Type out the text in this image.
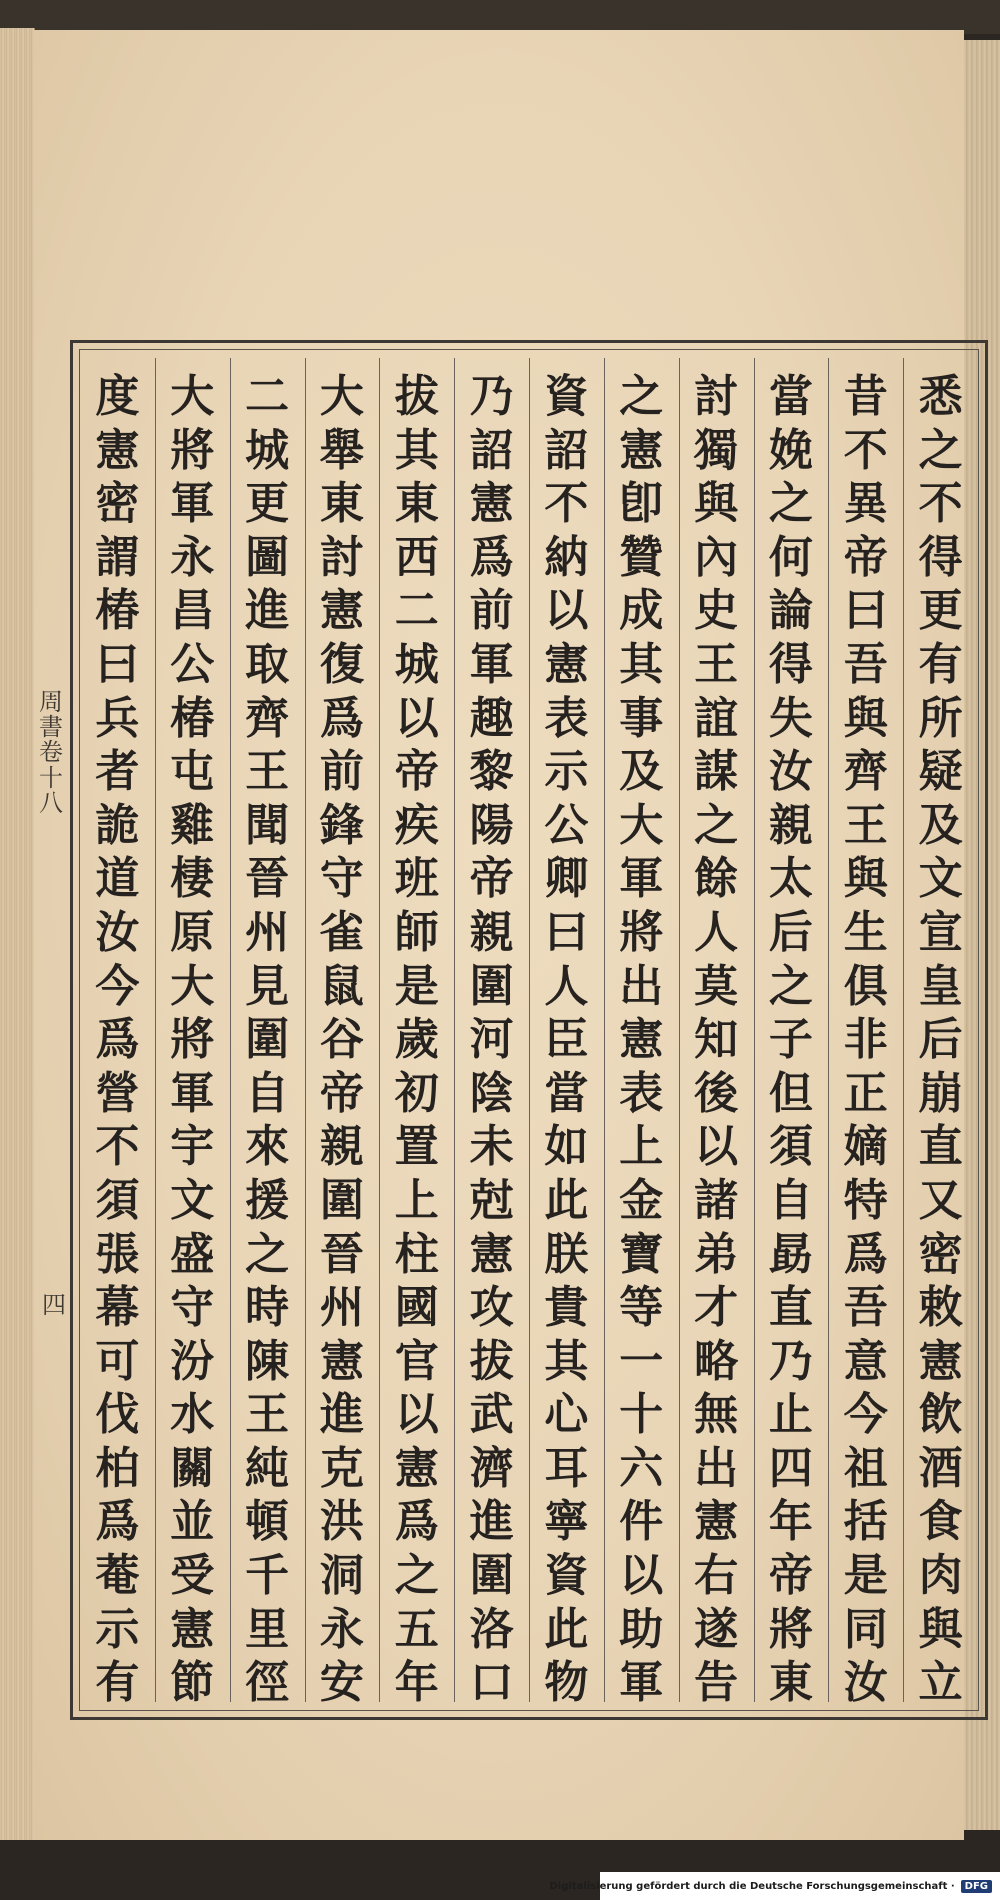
周
書
卷
十
八
四
悉
之
不
得
更
有
所
疑
及
文
宣
皇
后
崩
直
又
密
敕
憲
飲
酒
食
肉
與
立
昔
不
異
帝
曰
吾
與
齊
王
與
生
俱
非
正
嫡
特
爲
吾
意
今
祖
括
是
同
汝
當
娩
之
何
論
得
失
汝
親
太
后
之
子
但
須
自
勗
直
乃
止
四
年
帝
將
東
討
獨
與
內
史
王
誼
謀
之
餘
人
莫
知
後
以
諸
弟
才
略
無
出
憲
右
遂
告
之
憲
卽
贊
成
其
事
及
大
軍
將
出
憲
表
上
金
寶
等
一
十
六
件
以
助
軍
資
詔
不
納
以
憲
表
示
公
卿
曰
人
臣
當
如
此
朕
貴
其
心
耳
寧
資
此
物
乃
詔
憲
爲
前
軍
趣
黎
陽
帝
親
圍
河
陰
未
尅
憲
攻
拔
武
濟
進
圍
洛
口
拔
其
東
西
二
城
以
帝
疾
班
師
是
歲
初
置
上
柱
國
官
以
憲
爲
之
五
年
大
舉
東
討
憲
復
爲
前
鋒
守
雀
鼠
谷
帝
親
圍
晉
州
憲
進
克
洪
洞
永
安
二
城
更
圖
進
取
齊
王
聞
晉
州
見
圍
自
來
援
之
時
陳
王
純
頓
千
里
徑
大
將
軍
永
昌
公
椿
屯
雞
棲
原
大
將
軍
宇
文
盛
守
汾
水
關
並
受
憲
節
度
憲
密
謂
椿
曰
兵
者
詭
道
汝
今
爲
營
不
須
張
幕
可
伐
柏
爲
菴
示
有
Digitalisierung gefördert durch die Deutsche Forschungsgemeinschaft ·	DFG
